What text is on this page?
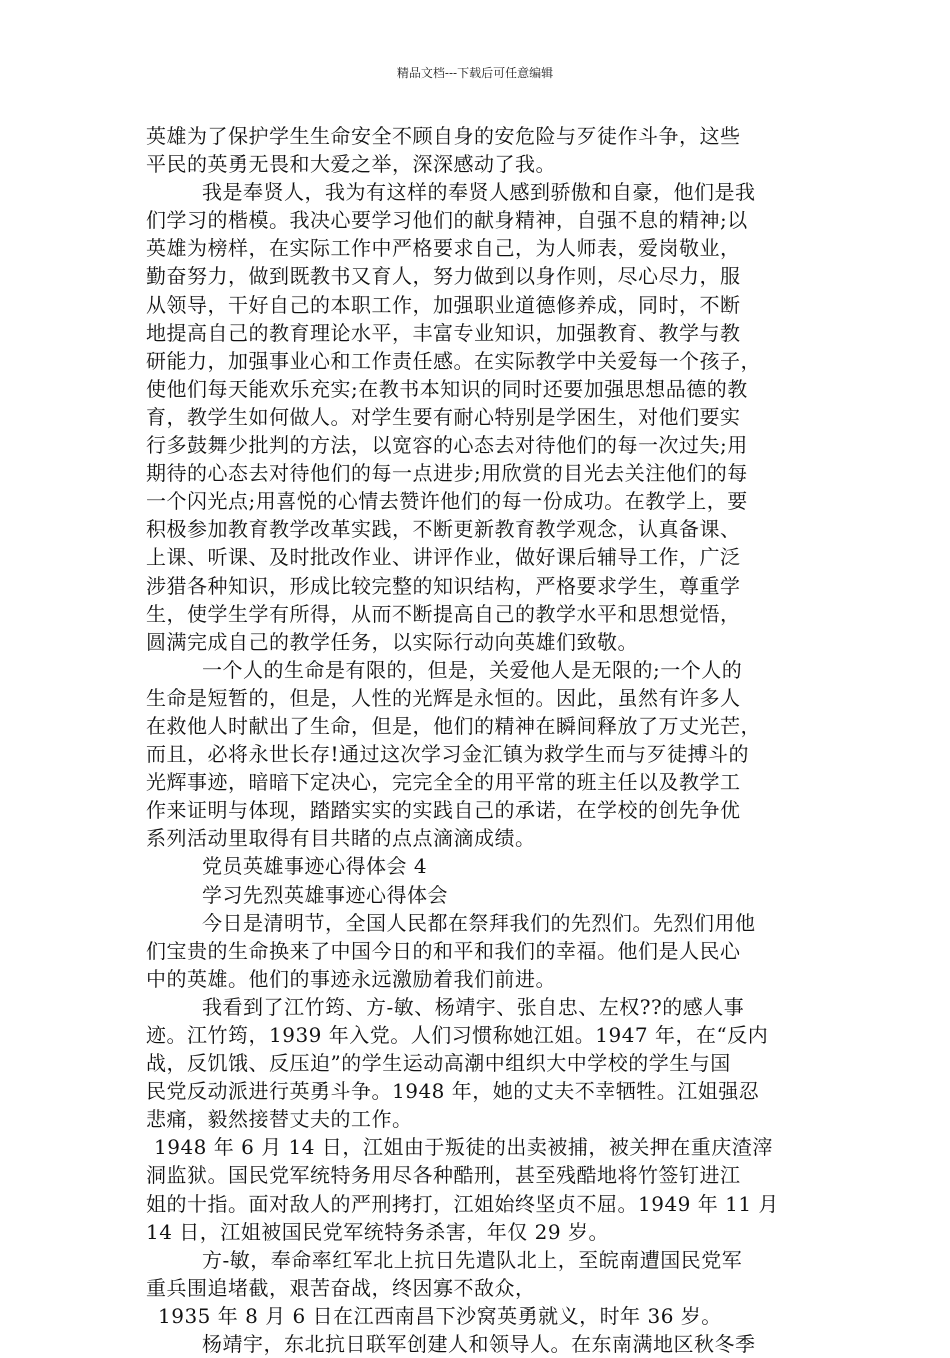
精品文档---下载后可任意编辑

英雄为了保护学生生命安全不顾自身的安危险与歹徒作斗争，这些

平民的英勇无畏和大爱之举，深深感动了我。

我是奉贤人，我为有这样的奉贤人感到骄傲和自豪，他们是我

们学习的楷模。我决心要学习他们的献身精神，自强不息的精神;以

英雄为榜样，在实际工作中严格要求自己，为人师表，爱岗敬业，

勤奋努力，做到既教书又育人，努力做到以身作则，尽心尽力，服

从领导，干好自己的本职工作，加强职业道德修养成，同时，不断

地提高自己的教育理论水平，丰富专业知识，加强教育、教学与教

研能力，加强事业心和工作责任感。在实际教学中关爱每一个孩子，

使他们每天能欢乐充实;在教书本知识的同时还要加强思想品德的教

育，教学生如何做人。对学生要有耐心特别是学困生，对他们要实

行多鼓舞少批判的方法，以宽容的心态去对待他们的每一次过失;用

期待的心态去对待他们的每一点进步;用欣赏的目光去关注他们的每

一个闪光点;用喜悦的心情去赞许他们的每一份成功。在教学上，要

积极参加教育教学改革实践，不断更新教育教学观念，认真备课、

上课、听课、及时批改作业、讲评作业，做好课后辅导工作，广泛

涉猎各种知识，形成比较完整的知识结构，严格要求学生，尊重学

生，使学生学有所得，从而不断提高自己的教学水平和思想觉悟，

圆满完成自己的教学任务，以实际行动向英雄们致敬。

一个人的生命是有限的，但是，关爱他人是无限的;一个人的

生命是短暂的，但是，人性的光辉是永恒的。因此，虽然有许多人

在救他人时献出了生命，但是，他们的精神在瞬间释放了万丈光芒，

而且，必将永世长存!通过这次学习金汇镇为救学生而与歹徒搏斗的

光辉事迹，暗暗下定决心，完完全全的用平常的班主任以及教学工

作来证明与体现，踏踏实实的实践自己的承诺，在学校的创先争优

系列活动里取得有目共睹的点点滴滴成绩。

党员英雄事迹心得体会 4

学习先烈英雄事迹心得体会

今日是清明节，全国人民都在祭拜我们的先烈们。先烈们用他

们宝贵的生命换来了中国今日的和平和我们的幸福。他们是人民心

中的英雄。他们的事迹永远激励着我们前进。

我看到了江竹筠、方-敏、杨靖宇、张自忠、左权??的感人事

迹。江竹筠，1939 年入党。人们习惯称她江姐。1947 年，在“反内

战，反饥饿、反压迫”的学生运动高潮中组织大中学校的学生与国

民党反动派进行英勇斗争。1948 年，她的丈夫不幸牺牲。江姐强忍

悲痛，毅然接替丈夫的工作。

1948 年 6 月 14 日，江姐由于叛徒的出卖被捕，被关押在重庆渣滓

洞监狱。国民党军统特务用尽各种酷刑，甚至残酷地将竹签钉进江

姐的十指。面对敌人的严刑拷打，江姐始终坚贞不屈。1949 年 11 月

14 日，江姐被国民党军统特务杀害，年仅 29 岁。

方-敏，奉命率红军北上抗日先遣队北上，至皖南遭国民党军

重兵围追堵截，艰苦奋战，终因寡不敌众，

1935 年 8 月 6 日在江西南昌下沙窝英勇就义，时年 36 岁。

杨靖宇，东北抗日联军创建人和领导人。在东南满地区秋冬季
